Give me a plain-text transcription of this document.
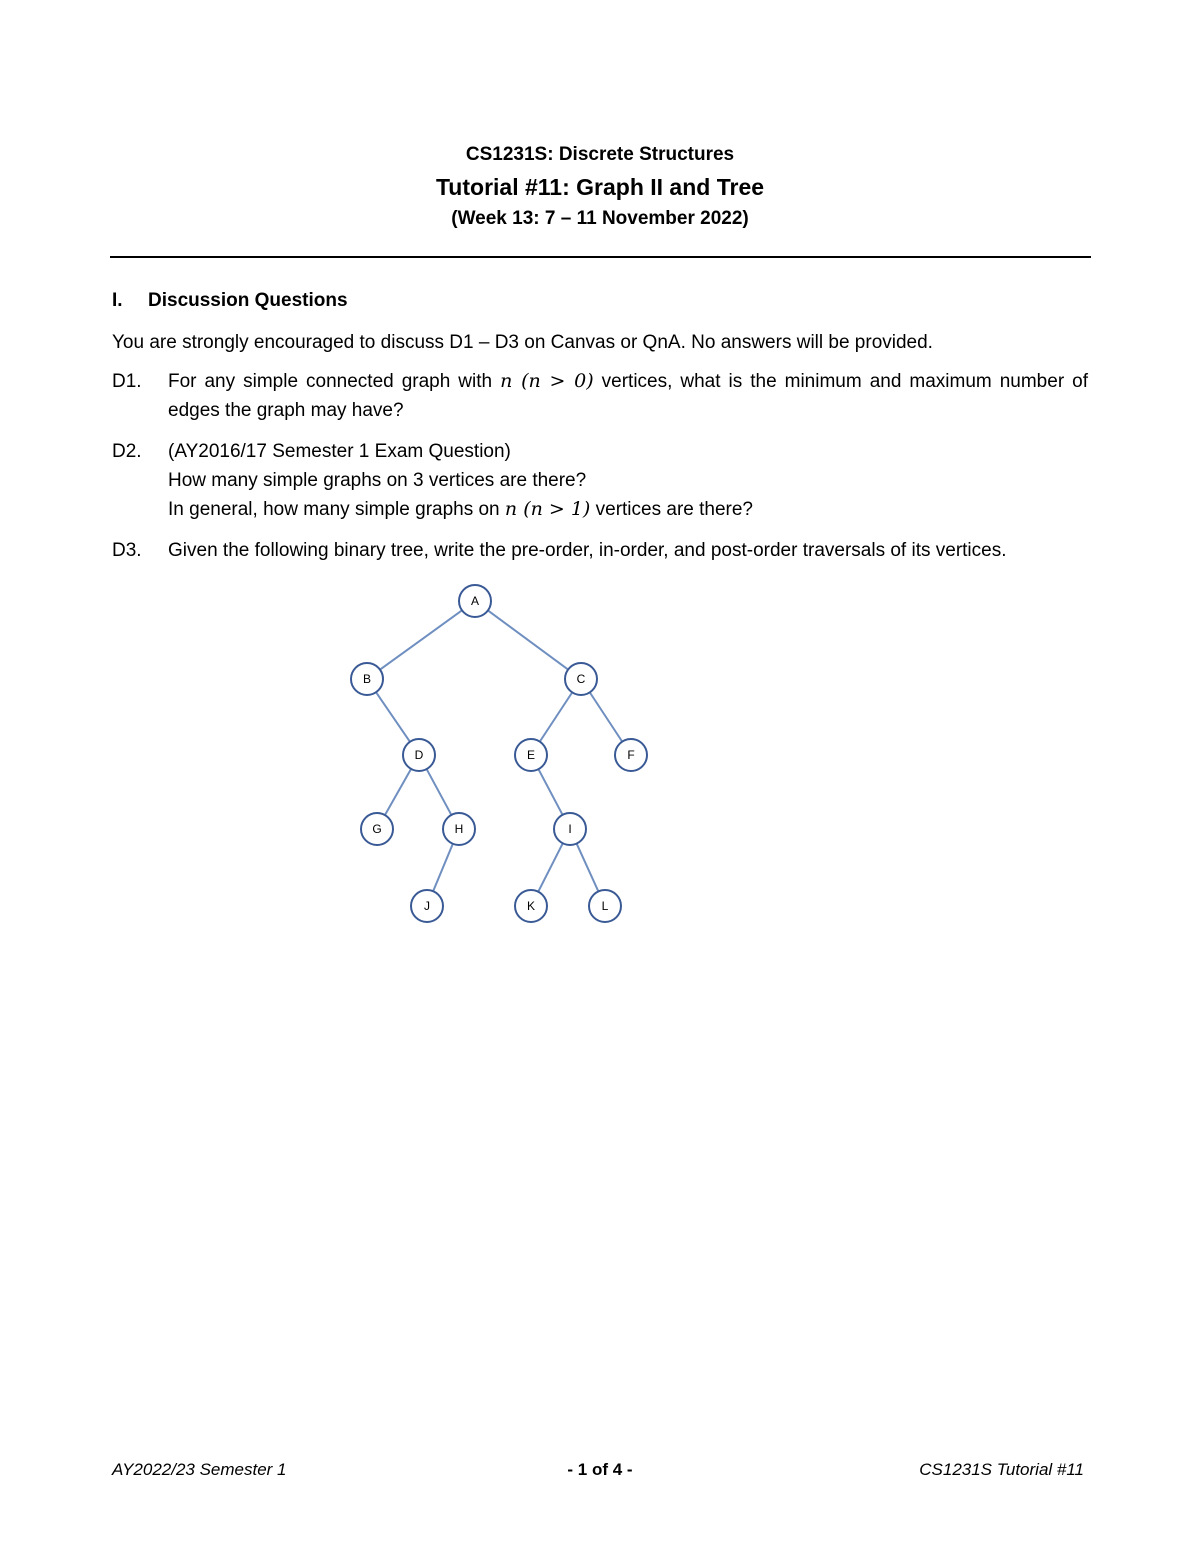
CS1231S: Discrete Structures
Tutorial #11: Graph II and Tree
(Week 13: 7 – 11 November 2022)
I. Discussion Questions
You are strongly encouraged to discuss D1 – D3 on Canvas or QnA. No answers will be provided.
D1. For any simple connected graph with n (n > 0) vertices, what is the minimum and maximum number of edges the graph may have?
D2. (AY2016/17 Semester 1 Exam Question)
How many simple graphs on 3 vertices are there?
In general, how many simple graphs on n (n > 1) vertices are there?
D3. Given the following binary tree, write the pre-order, in-order, and post-order traversals of its vertices.
A
B	C
D	E	F
G	H	I
J	K	L
AY2022/23 Semester 1	- 1 of 4 -	CS1231S Tutorial #11
